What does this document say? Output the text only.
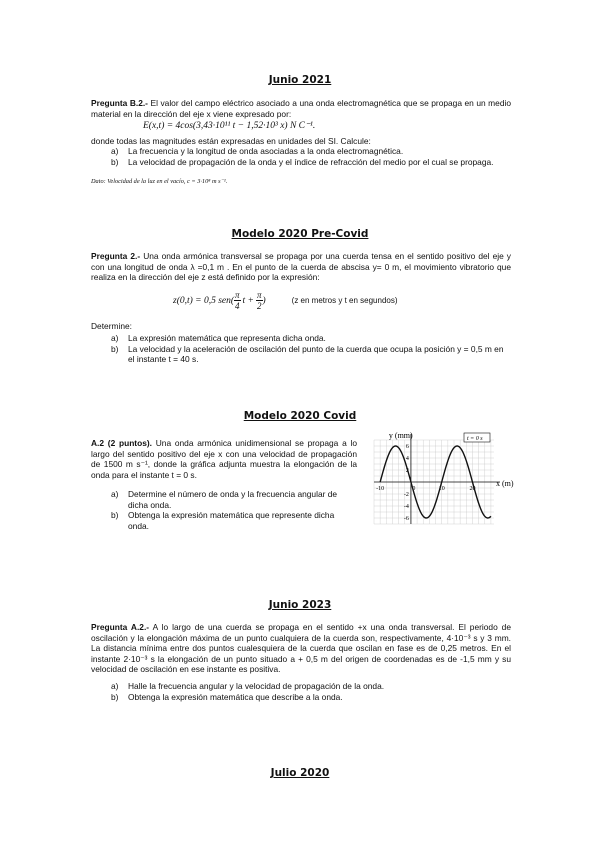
Junio 2021
Pregunta B.2.- El valor del campo eléctrico asociado a una onda electromagnética que se propaga en un medio material en la dirección del eje x viene expresado por:
E(x,t) = 4cos(3,43·10¹¹ t − 1,52·10³ x) N C⁻¹.
donde todas las magnitudes están expresadas en unidades del SI. Calcule:
a)	La frecuencia y la longitud de onda asociadas a la onda electromagnética.
b)	La velocidad de propagación de la onda y el índice de refracción del medio por el cual se propaga.
Dato: Velocidad de la luz en el vacío, c = 3·10⁸ m s⁻¹.
Modelo 2020 Pre-Covid
Pregunta 2.- Una onda armónica transversal se propaga por una cuerda tensa en el sentido positivo del eje y con una longitud de onda λ =0,1 m . En el punto de la cuerda de abscisa y= 0 m, el movimiento vibratorio que realiza en la dirección del eje z está definido por la expresión:
z(0,t) = 0,5 $sen( \frac{\pi}{4}$ $t + \frac{\pi}{2}$ )	(z en metros y t en segundos)
Determine:
a)	La expresión matemática que representa dicha onda.
b)	La velocidad y la aceleración de oscilación del punto de la cuerda que ocupa la posición y = 0,5 m en el instante t = 40 s.
Modelo 2020 Covid
A.2 (2 puntos). Una onda armónica unidimensional se propaga a lo largo del sentido positivo del eje x con una velocidad de propagación de 1500 m s⁻¹, donde la gráfica adjunta muestra la elongación de la onda para el instante t = 0 s.
a)	Determine el número de onda y la frecuencia angular de dicha onda.
b)	Obtenga la expresión matemática que represente dicha onda.
-10	0	10	20
6
4
2
-2
-4
-6
y (mm)
x (m)
t = 0 s
Junio 2023
Pregunta A.2.- A lo largo de una cuerda se propaga en el sentido +x una onda transversal. El periodo de oscilación y la elongación máxima de un punto cualquiera de la cuerda son, respectivamente, 4·10⁻³ s y 3 mm. La distancia mínima entre dos puntos cualesquiera de la cuerda que oscilan en fase es de 0,25 metros. En el instante 2·10⁻³ s la elongación de un punto situado a + 0,5 m del origen de coordenadas es de -1,5 mm y su velocidad de oscilación en ese instante es positiva.
a)	Halle la frecuencia angular y la velocidad de propagación de la onda.
b)	Obtenga la expresión matemática que describe a la onda.
Julio 2020
